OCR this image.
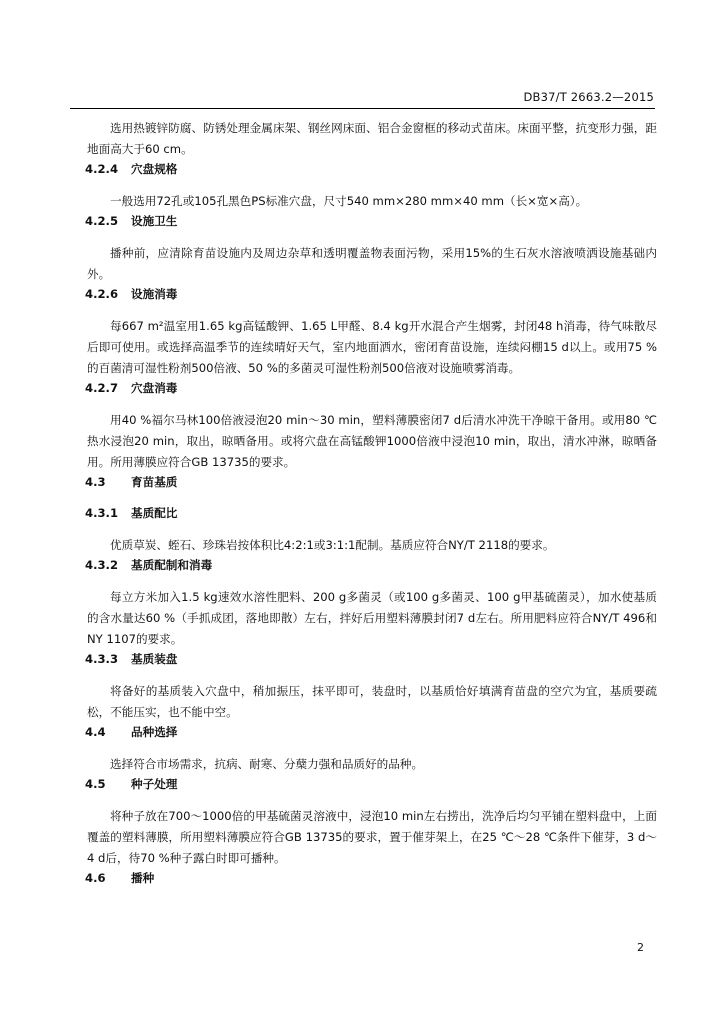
DB37/T 2663.2—2015

选用热镀锌防腐、防锈处理金属床架、钢丝网床面、铝合金窗框的移动式苗床。床面平整，抗变形力强，距地面高大于60 cm。

4.2.4 穴盘规格

一般选用72孔或105孔黑色PS标准穴盘，尺寸540 mm×280 mm×40 mm（长×宽×高）。

4.2.5 设施卫生

播种前，应清除育苗设施内及周边杂草和透明覆盖物表面污物，采用15%的生石灰水溶液喷洒设施基础内外。

4.2.6 设施消毒

每667 m²温室用1.65 kg高锰酸钾、1.65 L甲醛、8.4 kg开水混合产生烟雾，封闭48 h消毒，待气味散尽后即可使用。或选择高温季节的连续晴好天气，室内地面洒水，密闭育苗设施，连续闷棚15 d以上。或用75 %的百菌清可湿性粉剂500倍液、50 %的多菌灵可湿性粉剂500倍液对设施喷雾消毒。

4.2.7 穴盘消毒

用40 %福尔马林100倍液浸泡20 min～30 min，塑料薄膜密闭7 d后清水冲洗干净晾干备用。或用80 ℃热水浸泡20 min，取出，晾晒备用。或将穴盘在高锰酸钾1000倍液中浸泡10 min，取出，清水冲淋，晾晒备用。所用薄膜应符合GB 13735的要求。

4.3 育苗基质
4.3.1 基质配比

优质草炭、蛭石、珍珠岩按体积比4:2:1或3:1:1配制。基质应符合NY/T 2118的要求。

4.3.2 基质配制和消毒

每立方米加入1.5 kg速效水溶性肥料、200 g多菌灵（或100 g多菌灵、100 g甲基硫菌灵），加水使基质的含水量达60 %（手抓成团，落地即散）左右，拌好后用塑料薄膜封闭7 d左右。所用肥料应符合NY/T 496和NY 1107的要求。

4.3.3 基质装盘

将备好的基质装入穴盘中，稍加振压，抹平即可，装盘时，以基质恰好填满育苗盘的空穴为宜，基质要疏松，不能压实，也不能中空。

4.4 品种选择

选择符合市场需求，抗病、耐寒、分蘖力强和品质好的品种。

4.5 种子处理

将种子放在700～1000倍的甲基硫菌灵溶液中，浸泡10 min左右捞出，洗净后均匀平铺在塑料盘中，上面覆盖的塑料薄膜，所用塑料薄膜应符合GB 13735的要求，置于催芽架上，在25 ℃～28 ℃条件下催芽，3 d～4 d后，待70 %种子露白时即可播种。

4.6 播种
2
